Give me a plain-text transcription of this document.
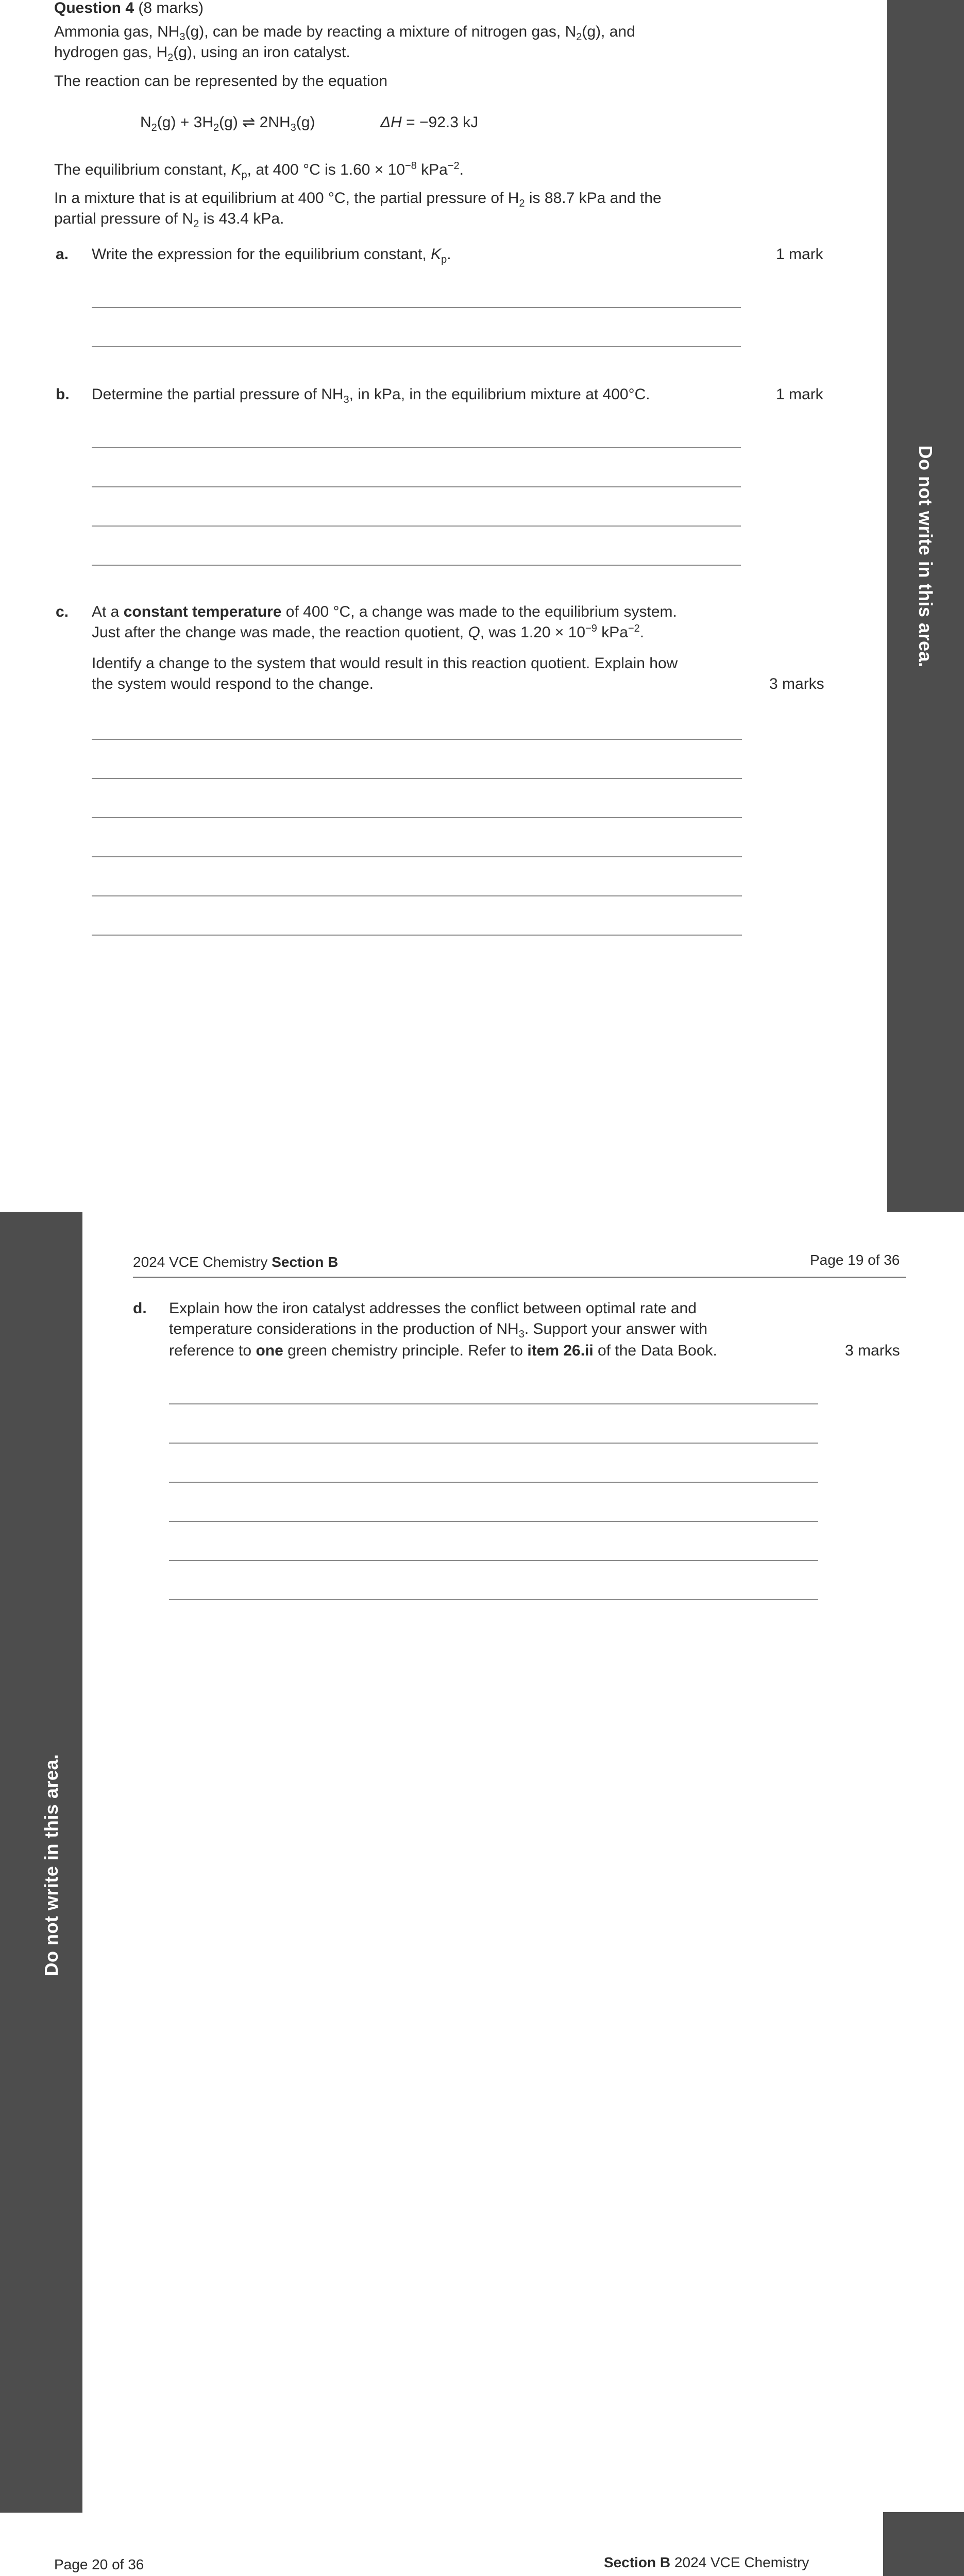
Question 4 (8 marks)
Ammonia gas, $NH_3(g)$, can be made by reacting a mixture of nitrogen gas, $N_2(g)$, and
hydrogen gas, $H_2(g)$, using an iron catalyst.
The reaction can be represented by the equation
$N_2(g) + 3H_2(g)$ ⇌ $2NH_3(g)$	ΔH = −92.3 kJ
The equilibrium constant, $K_p$, at 400 °C is $1.60 \times 10^{-8}$ kPa$^{-2}$.
In a mixture that is at equilibrium at 400 °C, the partial pressure of $H_2$ is 88.7 kPa and the
partial pressure of $N_2$ is 43.4 kPa.
a. Write the expression for the equilibrium constant, $K_p$.	1 mark
b. Determine the partial pressure of $NH_3$, in kPa, in the equilibrium mixture at 400°C.	1 mark
c. At a constant temperature of 400 °C, a change was made to the equilibrium system.
Just after the change was made, the reaction quotient, Q, was $1.20 \times 10^{-9}$ kPa$^{-2}$.
Identify a change to the system that would result in this reaction quotient. Explain how
the system would respond to the change.	3 marks
Do not write in this area.
Do not write in this area.
2024 VCE Chemistry Section B	Page 19 of 36
d. Explain how the iron catalyst addresses the conflict between optimal rate and
temperature considerations in the production of $NH_3$. Support your answer with
reference to one green chemistry principle. Refer to item 26.ii of the Data Book.	3 marks
Page 20 of 36	Section B 2024 VCE Chemistry
